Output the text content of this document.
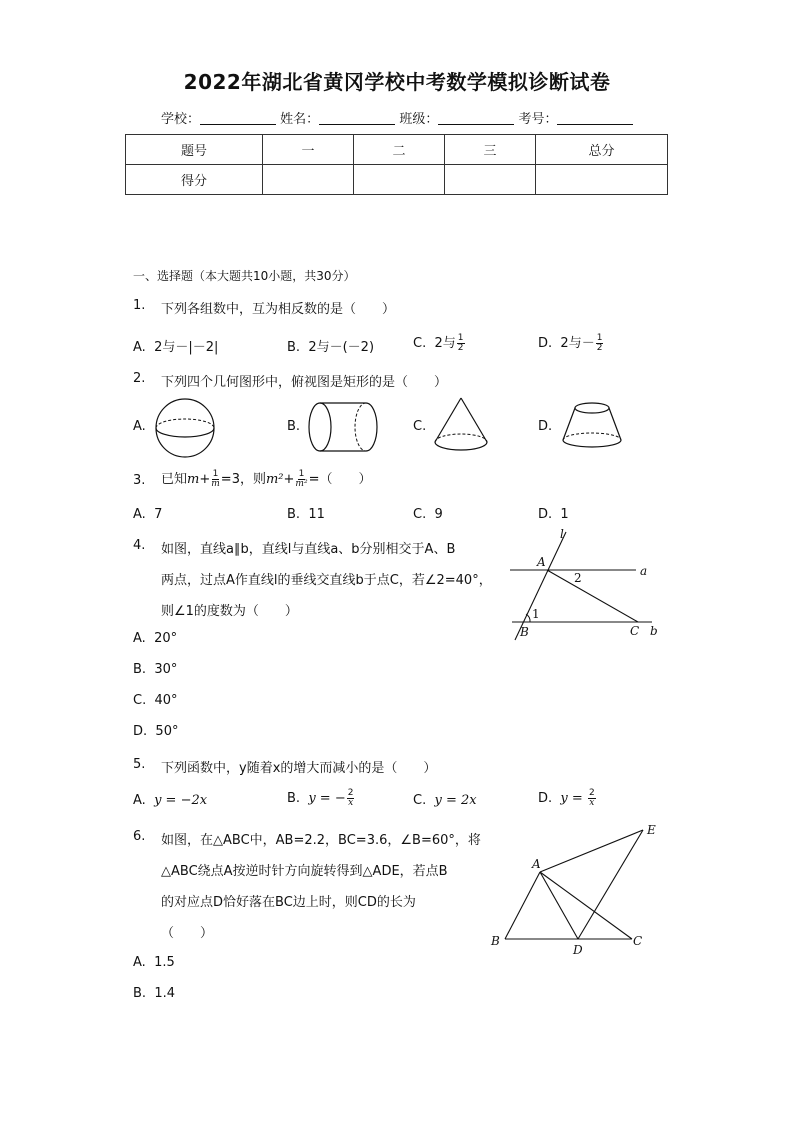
2022年湖北省黄冈学校中考数学模拟诊断试卷
学校：	姓名：	班级：	考号：
题号	一	二	三	总分
得分				
一、选择题（本大题共10小题，共30分）
1. 下列各组数中，互为相反数的是（　　）
A. 2与－|－2|	B. 2与－(－2)	C. 2与 $\frac{1}{2}$	D. 2与－ $\frac{1}{2}$
2. 下列四个几何图形中，俯视图是矩形的是（　　）
A.	B.	C.	D.
3. 已知$m+ \frac{1}{m} =3$，则$m^2+ \frac{1}{\text{m²}}$ =（　　）
A. 7	B. 11	C. 9	D. 1
4. 如图，直线a∥b，直线l与直线a、b分别相交于A、B
两点，过点A作直线l的垂线交直线b于点C，若∠2=40°，
则∠1的度数为（　　）
A. 20°
B. 30°
C. 40°
D. 50°
l
a
b
A
B	C
1
2
5. 下列函数中，y随着x的增大而减小的是（　　）
A. y = −2x	B. y = − $\frac{2}{x}$	C. y = 2x	D. $y = \frac{2}{x}$
6. 如图，在△ABC中，AB=2.2，BC=3.6，∠B=60°，将
△ABC绕点A按逆时针方向旋转得到△ADE，若点B
的对应点D恰好落在BC边上时，则CD的长为
（　　）
A. 1.5
B. 1.4
A
B	C
D
E
